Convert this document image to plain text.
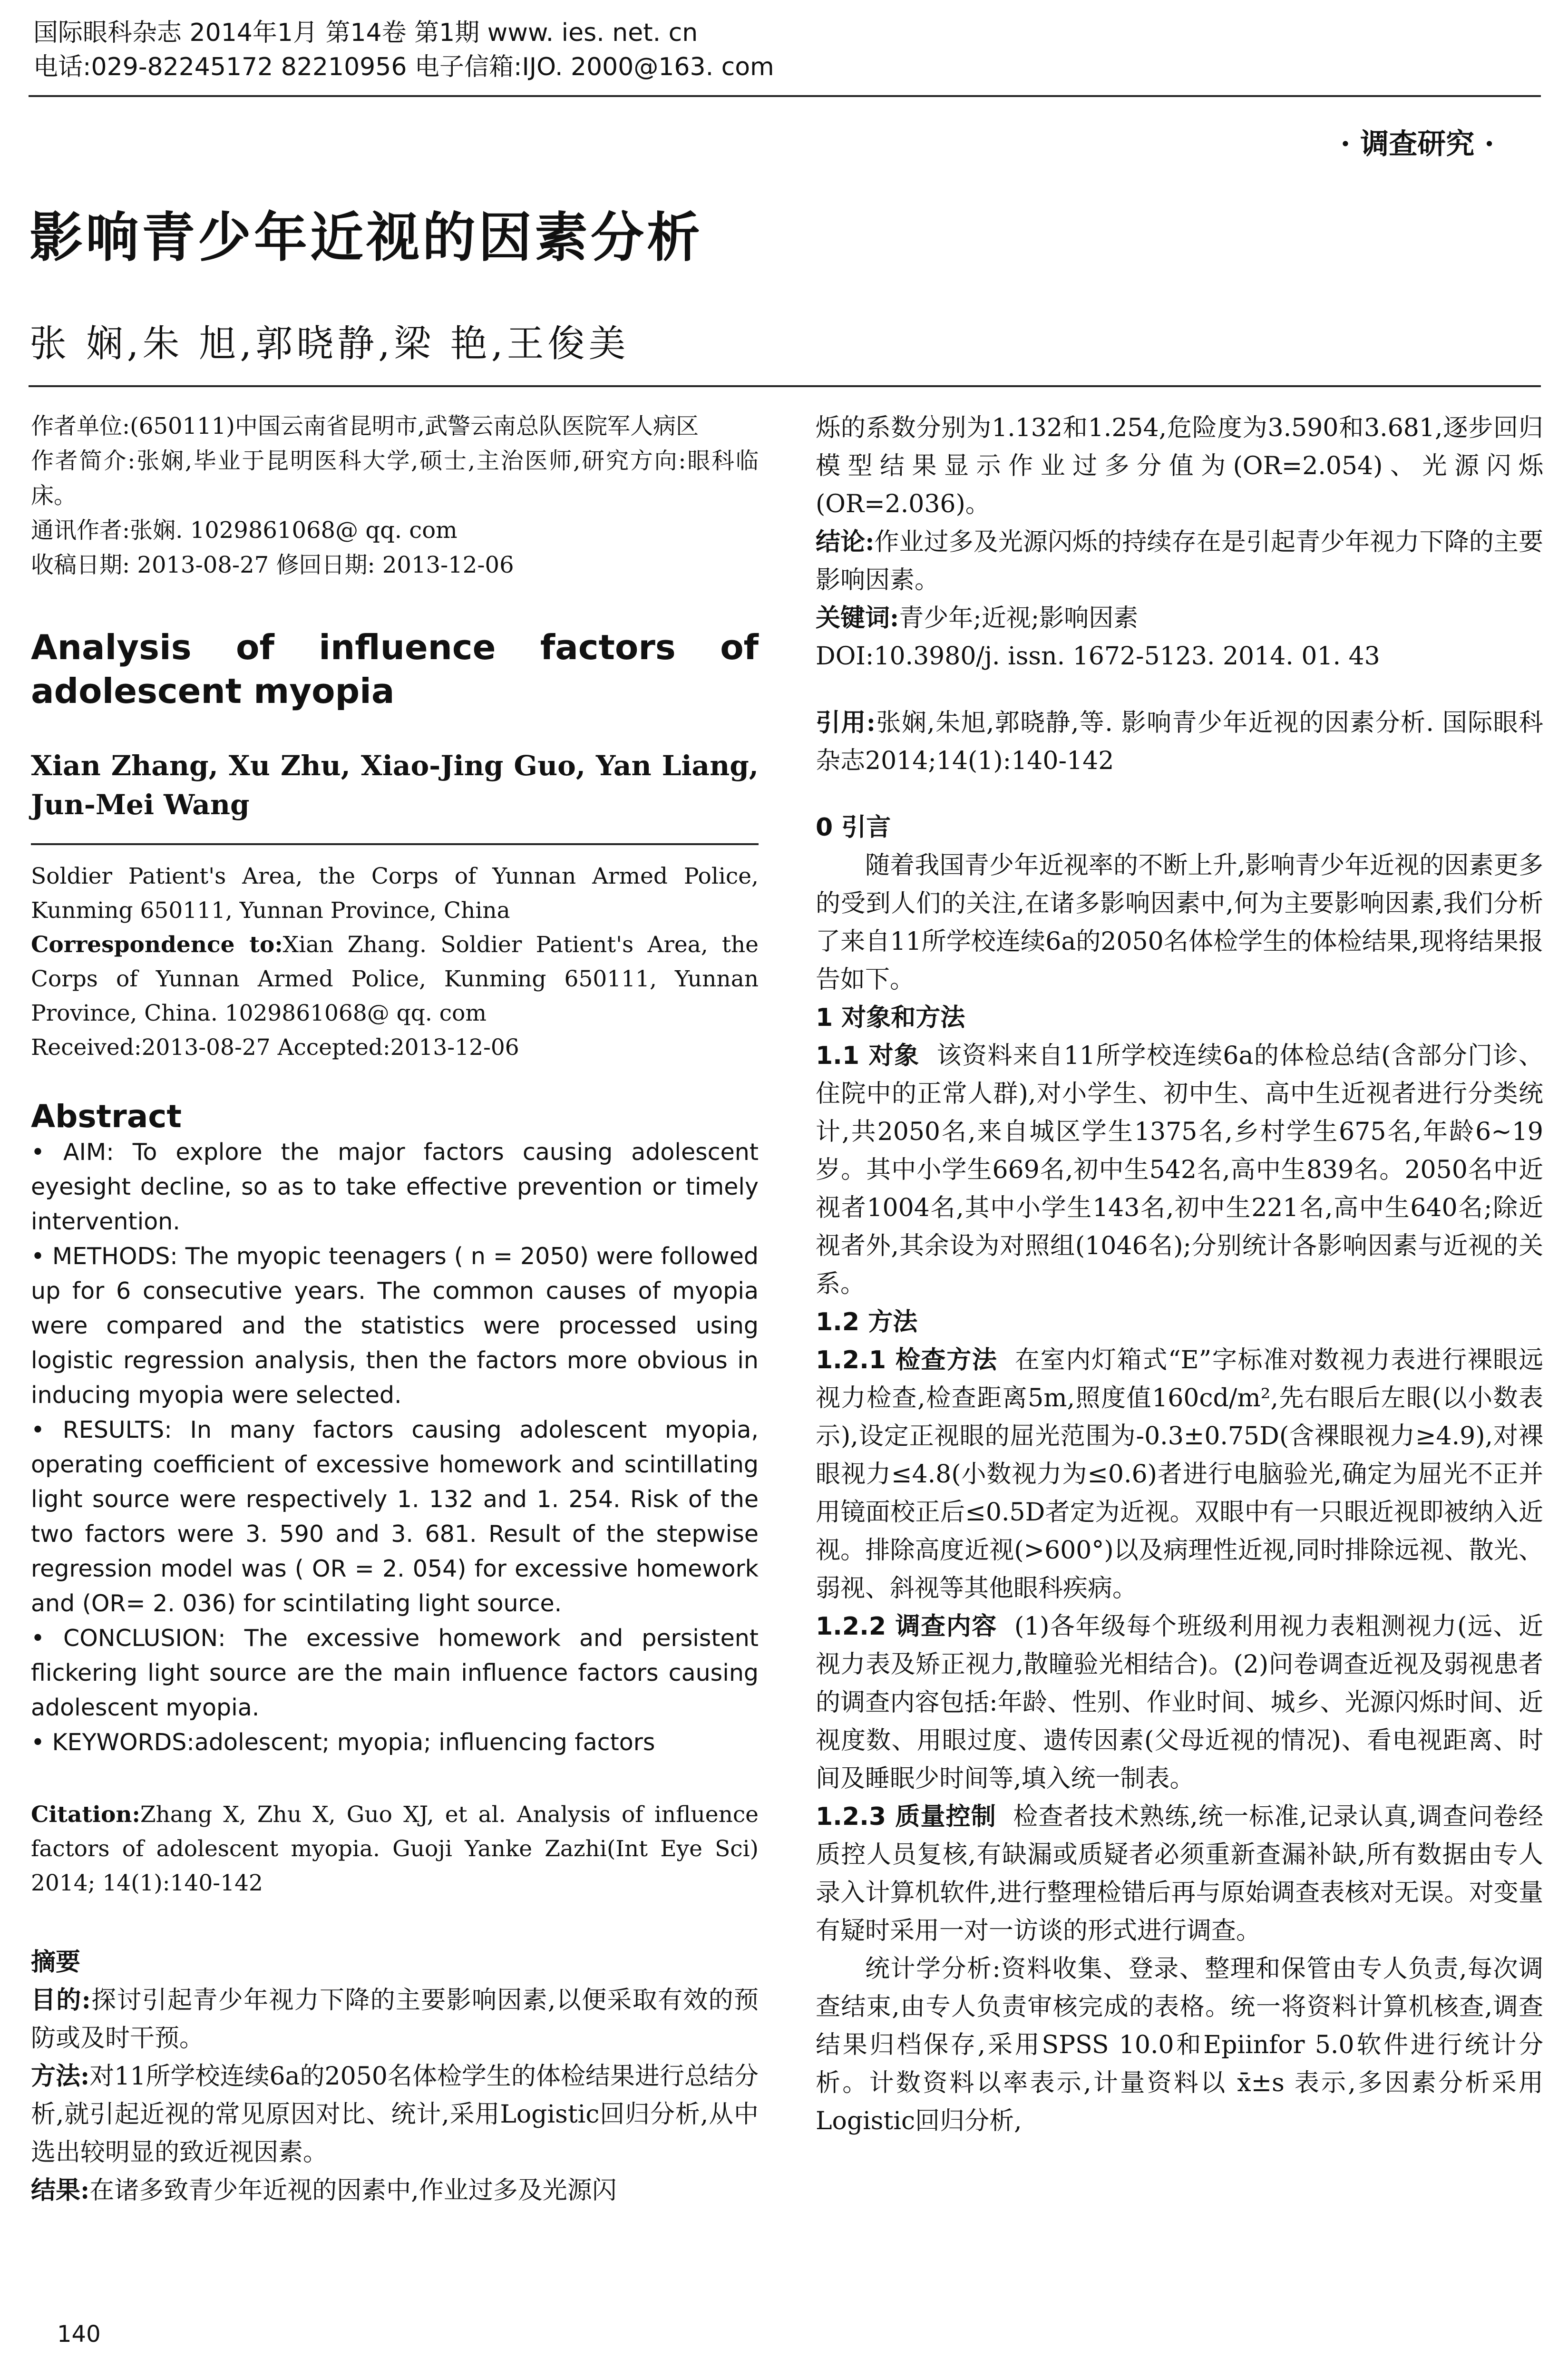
国际眼科杂志 2014年1月 第14卷 第1期 www. ies. net. cn
电话:029-82245172 82210956 电子信箱:IJO. 2000@163. com
· 调查研究 ·
影响青少年近视的因素分析
张 娴,朱 旭,郭晓静,梁 艳,王俊美

作者单位:(650111)中国云南省昆明市,武警云南总队医院军人病区

作者简介:张娴,毕业于昆明医科大学,硕士,主治医师,研究方向:眼科临床。

通讯作者:张娴. 1029861068@ qq. com

收稿日期: 2013-08-27 修回日期: 2013-12-06

Analysis of influence factors of adolescent myopia

Xian Zhang, Xu Zhu, Xiao-Jing Guo, Yan Liang, Jun-Mei Wang

Soldier Patient's Area, the Corps of Yunnan Armed Police, Kunming 650111, Yunnan Province, China

Correspondence to:Xian Zhang. Soldier Patient's Area, the Corps of Yunnan Armed Police, Kunming 650111, Yunnan Province, China. 1029861068@ qq. com

Received:2013-08-27 Accepted:2013-12-06

Abstract

• AIM: To explore the major factors causing adolescent eyesight decline, so as to take effective prevention or timely intervention.

• METHODS: The myopic teenagers ( n = 2050) were followed up for 6 consecutive years. The common causes of myopia were compared and the statistics were processed using logistic regression analysis, then the factors more obvious in inducing myopia were selected.

• RESULTS: In many factors causing adolescent myopia, operating coefficient of excessive homework and scintillating light source were respectively 1. 132 and 1. 254. Risk of the two factors were 3. 590 and 3. 681. Result of the stepwise regression model was ( OR = 2. 054) for excessive homework and (OR= 2. 036) for scintilating light source.

• CONCLUSION: The excessive homework and persistent flickering light source are the main influence factors causing adolescent myopia.

• KEYWORDS:adolescent; myopia; influencing factors

Citation:Zhang X, Zhu X, Guo XJ, et al. Analysis of influence factors of adolescent myopia. Guoji Yanke Zazhi(Int Eye Sci) 2014; 14(1):140-142

摘要

目的:探讨引起青少年视力下降的主要影响因素,以便采取有效的预防或及时干预。

方法:对11所学校连续6a的2050名体检学生的体检结果进行总结分析,就引起近视的常见原因对比、统计,采用Logistic回归分析,从中选出较明显的致近视因素。

结果:在诸多致青少年近视的因素中,作业过多及光源闪

烁的系数分别为1.132和1.254,危险度为3.590和3.681,逐步回归模型结果显示作业过多分值为(OR=2.054)、光源闪烁(OR=2.036)。

结论:作业过多及光源闪烁的持续存在是引起青少年视力下降的主要影响因素。

关键词:青少年;近视;影响因素

DOI:10.3980/j. issn. 1672-5123. 2014. 01. 43

引用:张娴,朱旭,郭晓静,等. 影响青少年近视的因素分析. 国际眼科杂志2014;14(1):140-142

0 引言

随着我国青少年近视率的不断上升,影响青少年近视的因素更多的受到人们的关注,在诸多影响因素中,何为主要影响因素,我们分析了来自11所学校连续6a的2050名体检学生的体检结果,现将结果报告如下。

1 对象和方法

1.1 对象 该资料来自11所学校连续6a的体检总结(含部分门诊、住院中的正常人群),对小学生、初中生、高中生近视者进行分类统计,共2050名,来自城区学生1375名,乡村学生675名,年龄6~19岁。其中小学生669名,初中生542名,高中生839名。2050名中近视者1004名,其中小学生143名,初中生221名,高中生640名;除近视者外,其余设为对照组(1046名);分别统计各影响因素与近视的关系。

1.2 方法

1.2.1 检查方法 在室内灯箱式“E”字标准对数视力表进行裸眼远视力检查,检查距离5m,照度值160cd/m²,先右眼后左眼(以小数表示),设定正视眼的屈光范围为-0.3±0.75D(含裸眼视力≥4.9),对裸眼视力≤4.8(小数视力为≤0.6)者进行电脑验光,确定为屈光不正并用镜面校正后≤0.5D者定为近视。双眼中有一只眼近视即被纳入近视。排除高度近视(>600°)以及病理性近视,同时排除远视、散光、弱视、斜视等其他眼科疾病。

1.2.2 调查内容 (1)各年级每个班级利用视力表粗测视力(远、近视力表及矫正视力,散瞳验光相结合)。(2)问卷调查近视及弱视患者的调查内容包括:年龄、性别、作业时间、城乡、光源闪烁时间、近视度数、用眼过度、遗传因素(父母近视的情况)、看电视距离、时间及睡眠少时间等,填入统一制表。

1.2.3 质量控制 检查者技术熟练,统一标准,记录认真,调查问卷经质控人员复核,有缺漏或质疑者必须重新查漏补缺,所有数据由专人录入计算机软件,进行整理检错后再与原始调查表核对无误。对变量有疑时采用一对一访谈的形式进行调查。

统计学分析:资料收集、登录、整理和保管由专人负责,每次调查结束,由专人负责审核完成的表格。统一将资料计算机核查,调查结果归档保存,采用SPSS 10.0和Epiinfor 5.0软件进行统计分析。计数资料以率表示,计量资料以 x̄±s 表示,多因素分析采用Logistic回归分析,

140
